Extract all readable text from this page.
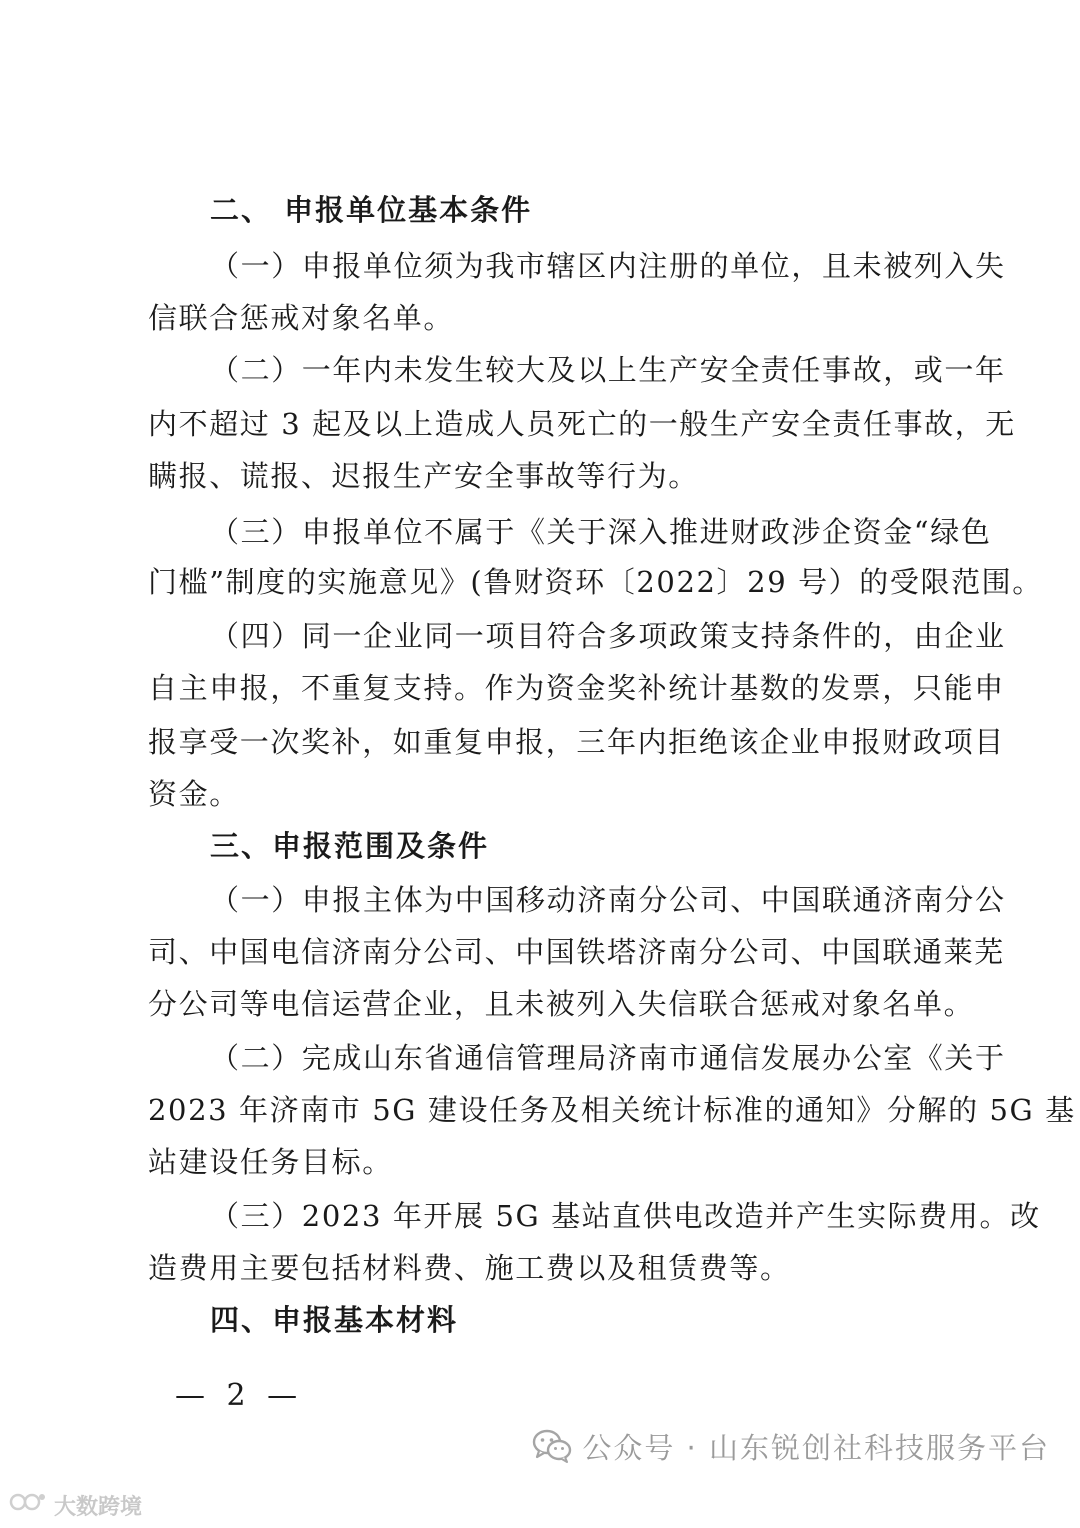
二、 申报单位基本条件
（一）申报单位须为我市辖区内注册的单位，且未被列入失
信联合惩戒对象名单。
（二）一年内未发生较大及以上生产安全责任事故，或一年
内不超过 3 起及以上造成人员死亡的一般生产安全责任事故，无
瞒报、谎报、迟报生产安全事故等行为。
（三）申报单位不属于《关于深入推进财政涉企资金“绿色
门槛”制度的实施意见》(鲁财资环〔2022〕29 号）的受限范围。
（四）同一企业同一项目符合多项政策支持条件的，由企业
自主申报，不重复支持。作为资金奖补统计基数的发票，只能申
报享受一次奖补，如重复申报，三年内拒绝该企业申报财政项目
资金。
三、申报范围及条件
（一）申报主体为中国移动济南分公司、中国联通济南分公
司、中国电信济南分公司、中国铁塔济南分公司、中国联通莱芜
分公司等电信运营企业，且未被列入失信联合惩戒对象名单。
（二）完成山东省通信管理局济南市通信发展办公室《关于
2023 年济南市 5G 建设任务及相关统计标准的通知》分解的 5G 基
站建设任务目标。
（三）2023 年开展 5G 基站直供电改造并产生实际费用。改
造费用主要包括材料费、施工费以及租赁费等。
四、申报基本材料
— 2 —
公众号 · 山东锐创社科技服务平台
大数跨境
